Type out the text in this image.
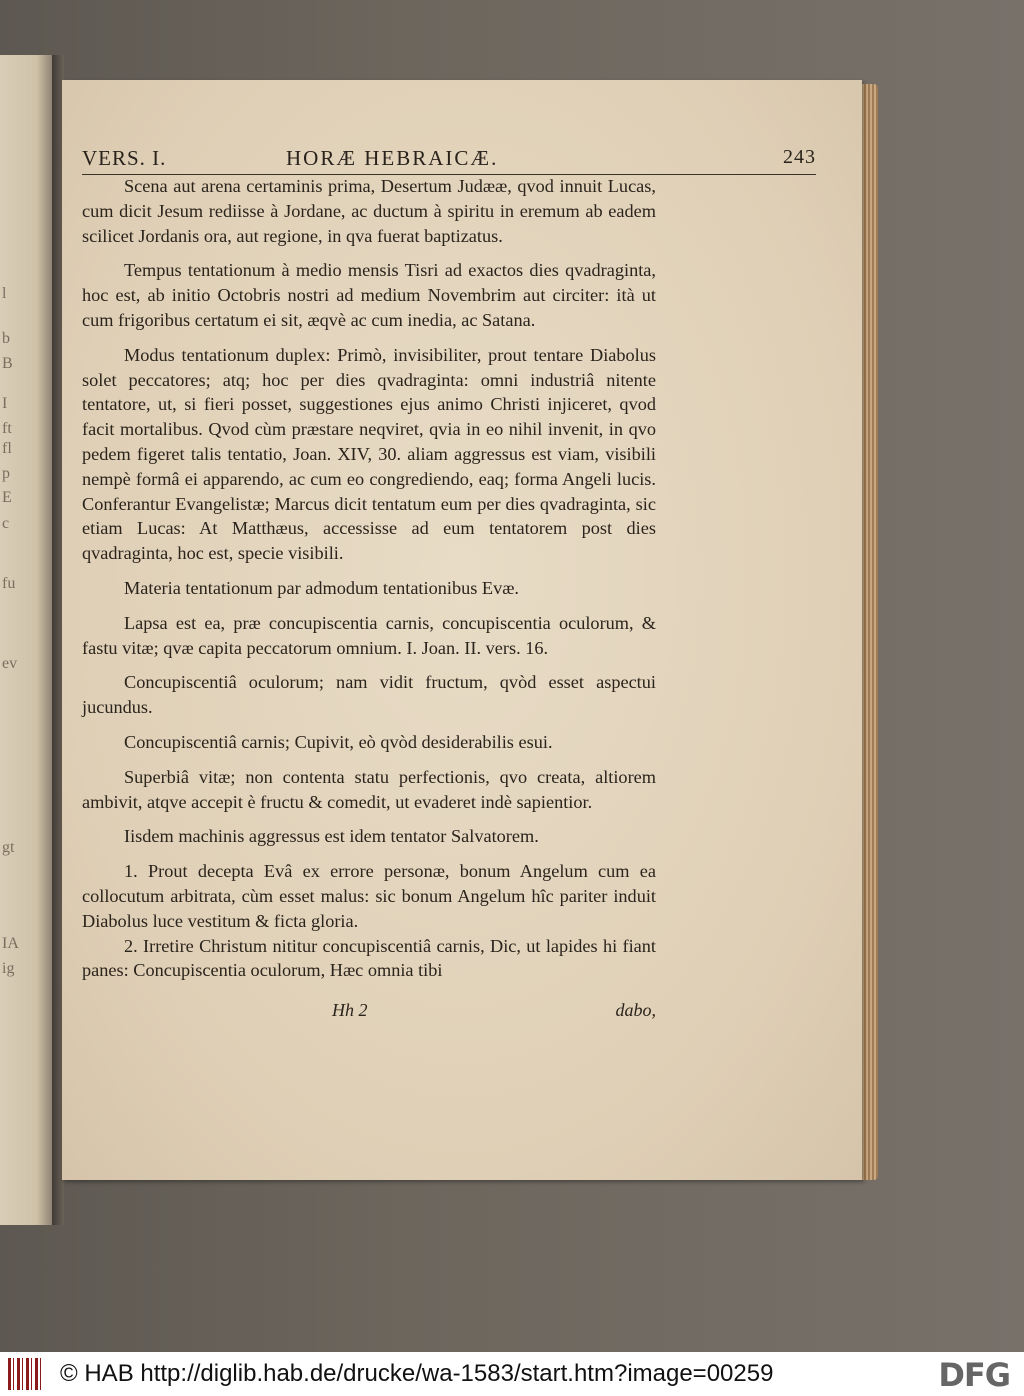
l
b
B
I
ft
fl
p
E
c
fu
ev
gt
IA
ig
VERS. I.	HORÆ HEBRAICÆ.	243

Scena aut arena certaminis prima, Desertum Judææ, qvod innuit Lucas, cum dicit Jesum rediisse à Jordane, ac ductum à spiritu in eremum ab eadem scilicet Jordanis ora, aut regione, in qva fuerat baptizatus.

Tempus tentationum à medio mensis Tisri ad exactos dies qvadraginta, hoc est, ab initio Octobris nostri ad medium Novembrim aut circiter: ità ut cum frigoribus certatum ei sit, æqvè ac cum inedia, ac Satana.

Modus tentationum duplex: Primò, invisibiliter, prout tentare Diabolus solet peccatores; atq; hoc per dies qvadraginta: omni industriâ nitente tentatore, ut, si fieri posset, suggestiones ejus animo Christi injiceret, qvod facit mortalibus. Qvod cùm præstare neqviret, qvia in eo nihil invenit, in qvo pedem figeret talis tentatio, Joan. XIV, 30. aliam aggressus est viam, visibili nempè formâ ei apparendo, ac cum eo congrediendo, eaq; forma Angeli lucis. Conferantur Evangelistæ; Marcus dicit tentatum eum per dies qvadraginta, sic etiam Lucas: At Matthæus, accessisse ad eum tentatorem post dies qvadraginta, hoc est, specie visibili.

Materia tentationum par admodum tentationibus Evæ.

Lapsa est ea, præ concupiscentia carnis, concupiscentia oculorum, & fastu vitæ; qvæ capita peccatorum omnium. I. Joan. II. vers. 16.

Concupiscentiâ oculorum; nam vidit fructum, qvòd esset aspectui jucundus.

Concupiscentiâ carnis; Cupivit, eò qvòd desiderabilis esui.

Superbiâ vitæ; non contenta statu perfectionis, qvo creata, altiorem ambivit, atqve accepit è fructu & comedit, ut evaderet indè sapientior.

Iisdem machinis aggressus est idem tentator Salvatorem.

1. Prout decepta Evâ ex errore personæ, bonum Angelum cum ea collocutum arbitrata, cùm esset malus: sic bonum Angelum hîc pariter induit Diabolus luce vestitum & ficta gloria.

2. Irretire Christum nititur concupiscentiâ carnis, Dic, ut lapides hi fiant panes: Concupiscentia oculorum, Hæc omnia tibi

Hh 2	dabo,
© HAB http://diglib.hab.de/drucke/wa-1583/start.htm?image=00259	DFG
